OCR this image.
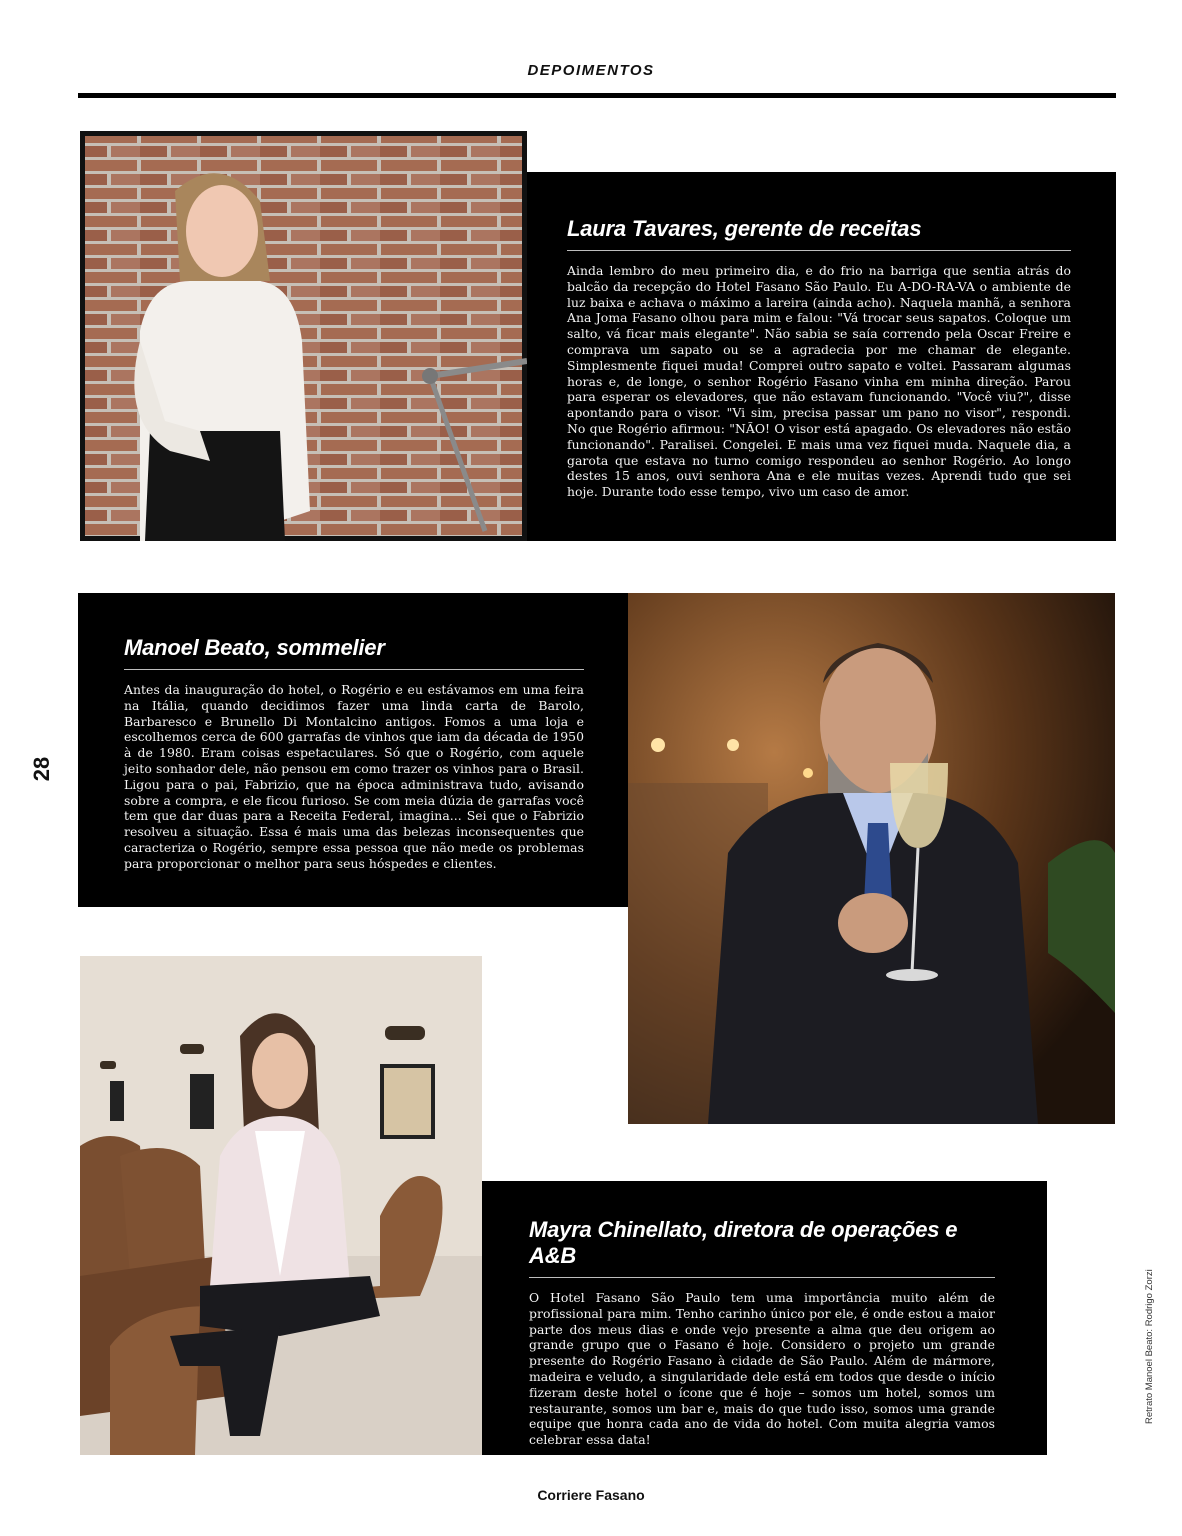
DEPOIMENTOS
Laura Tavares, gerente de receitas

Ainda lembro do meu primeiro dia, e do frio na barriga que sentia atrás do balcão da recepção do Hotel Fasano São Paulo. Eu A-DO-RA-VA o ambiente de luz baixa e achava o máximo a lareira (ainda acho). Naquela manhã, a senhora Ana Joma Fasano olhou para mim e falou: "Vá trocar seus sapatos. Coloque um salto, vá ficar mais elegante". Não sabia se saía correndo pela Oscar Freire e comprava um sapato ou se a agradecia por me chamar de elegante. Simplesmente fiquei muda! Comprei outro sapato e voltei. Passaram algumas horas e, de longe, o senhor Rogério Fasano vinha em minha direção. Parou para esperar os elevadores, que não estavam funcionando. "Você viu?", disse apontando para o visor. "Vi sim, precisa passar um pano no visor", respondi. No que Rogério afirmou: "NÃO! O visor está apagado. Os elevadores não estão funcionando". Paralisei. Congelei. E mais uma vez fiquei muda. Naquele dia, a garota que estava no turno comigo respondeu ao senhor Rogério. Ao longo destes 15 anos, ouvi senhora Ana e ele muitas vezes. Aprendi tudo que sei hoje. Durante todo esse tempo, vivo um caso de amor.

28
Manoel Beato, sommelier

Antes da inauguração do hotel, o Rogério e eu estávamos em uma feira na Itália, quando decidimos fazer uma linda carta de Barolo, Barbaresco e Brunello Di Montalcino antigos. Fomos a uma loja e escolhemos cerca de 600 garrafas de vinhos que iam da década de 1950 à de 1980. Eram coisas espetaculares. Só que o Rogério, com aquele jeito sonhador dele, não pensou em como trazer os vinhos para o Brasil. Ligou para o pai, Fabrizio, que na época administrava tudo, avisando sobre a compra, e ele ficou furioso. Se com meia dúzia de garrafas você tem que dar duas para a Receita Federal, imagina... Sei que o Fabrizio resolveu a situação. Essa é mais uma das belezas inconsequentes que caracteriza o Rogério, sempre essa pessoa que não mede os problemas para proporcionar o melhor para seus hóspedes e clientes.

Mayra Chinellato, diretora de operações e A&B

O Hotel Fasano São Paulo tem uma importância muito além de profissional para mim. Tenho carinho único por ele, é onde estou a maior parte dos meus dias e onde vejo presente a alma que deu origem ao grande grupo que o Fasano é hoje. Considero o projeto um grande presente do Rogério Fasano à cidade de São Paulo. Além de mármore, madeira e veludo, a singularidade dele está em todos que desde o início fizeram deste hotel o ícone que é hoje – somos um hotel, somos um restaurante, somos um bar e, mais do que tudo isso, somos uma grande equipe que honra cada ano de vida do hotel. Com muita alegria vamos celebrar essa data!

Retrato Manoel Beato: Rodrigo Zorzi
Corriere Fasano
